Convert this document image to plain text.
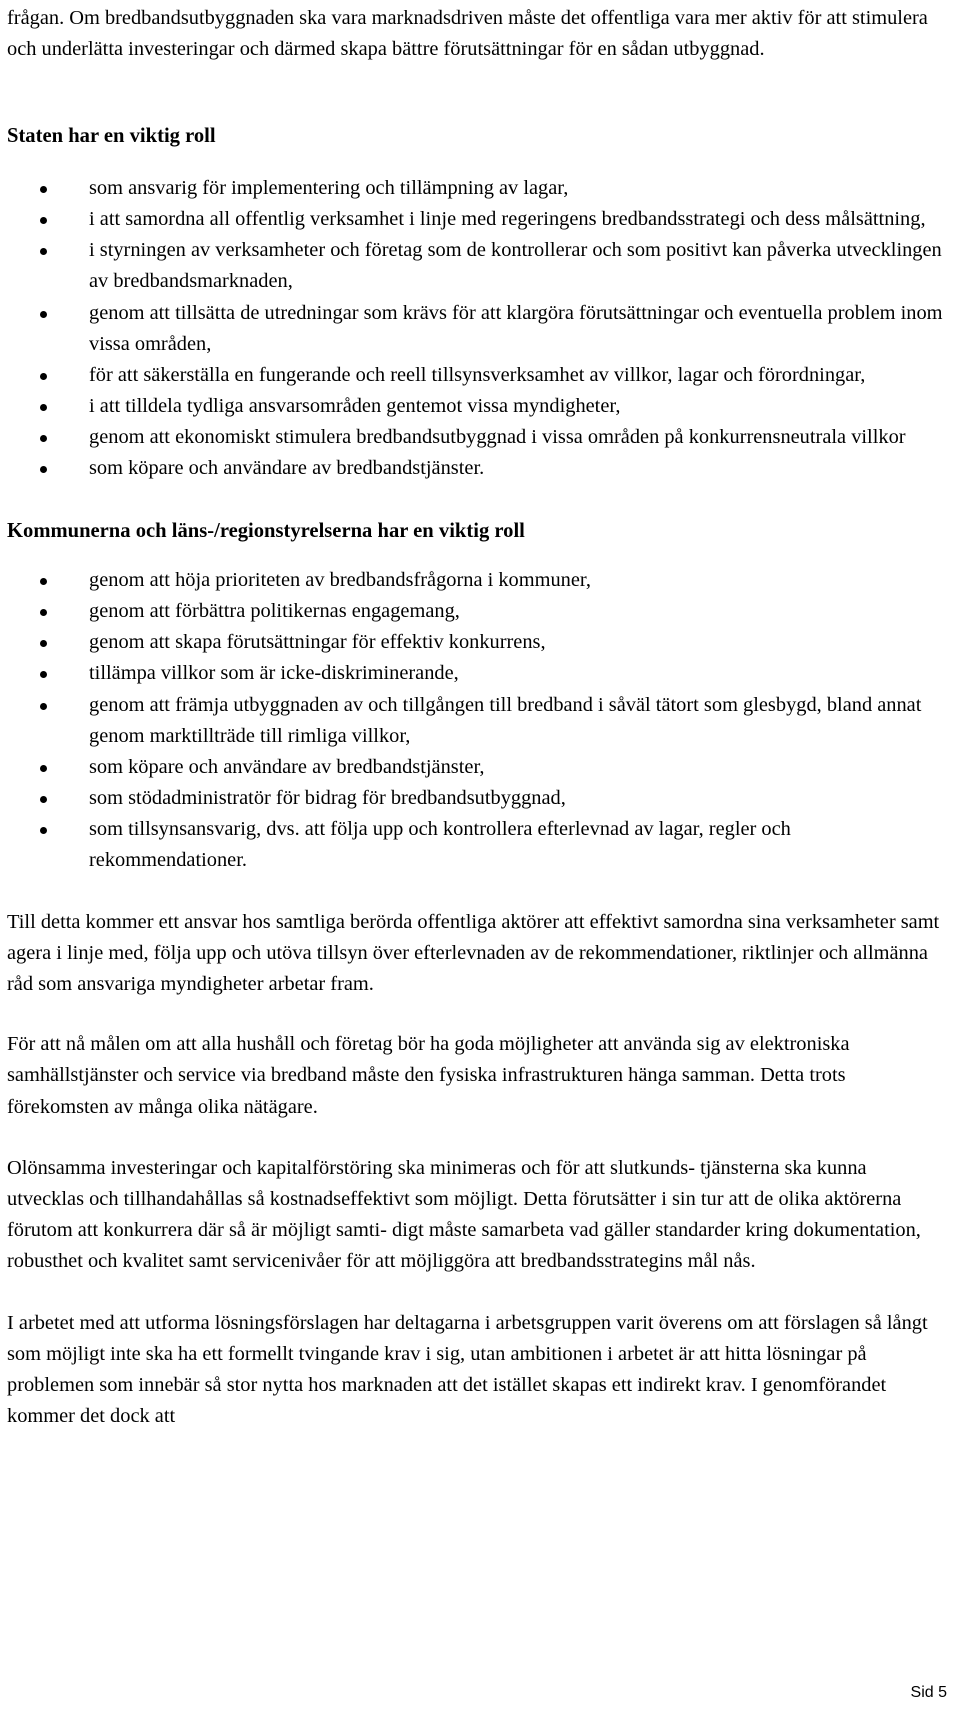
frågan. Om bredbandsutbyggnaden ska vara marknadsdriven måste det offentliga vara mer aktiv för att stimulera och underlätta investeringar och därmed skapa bättre förutsättningar för en sådan utbyggnad.

Staten har en viktig roll
som ansvarig för implementering och tillämpning av lagar,
i att samordna all offentlig verksamhet i linje med regeringens bredbandsstrategi och dess målsättning,
i styrningen av verksamheter och företag som de kontrollerar och som positivt kan påverka utvecklingen av bredbandsmarknaden,
genom att tillsätta de utredningar som krävs för att klargöra förutsättningar och eventuella problem inom vissa områden,
för att säkerställa en fungerande och reell tillsynsverksamhet av villkor, lagar och förordningar,
i att tilldela tydliga ansvarsområden gentemot vissa myndigheter,
genom att ekonomiskt stimulera bredbandsutbyggnad i vissa områden på konkurrensneutrala villkor
som köpare och användare av bredbandstjänster.
Kommunerna och läns-/regionstyrelserna har en viktig roll
genom att höja prioriteten av bredbandsfrågorna i kommuner,
genom att förbättra politikernas engagemang,
genom att skapa förutsättningar för effektiv konkurrens,
tillämpa villkor som är icke-diskriminerande,
genom att främja utbyggnaden av och tillgången till bredband i såväl tätort som glesbygd, bland annat genom marktillträde till rimliga villkor,
som köpare och användare av bredbandstjänster,
som stödadministratör för bidrag för bredbandsutbyggnad,
som tillsynsansvarig, dvs. att följa upp och kontrollera efterlevnad av lagar, regler och rekommendationer.

Till detta kommer ett ansvar hos samtliga berörda offentliga aktörer att effektivt samordna sina verksamheter samt agera i linje med, följa upp och utöva tillsyn över efterlevnaden av de rekommendationer, riktlinjer och allmänna råd som ansvariga myndigheter arbetar fram.

För att nå målen om att alla hushåll och företag bör ha goda möjligheter att använda sig av elektroniska samhällstjänster och service via bredband måste den fysiska infrastrukturen hänga samman. Detta trots förekomsten av många olika nätägare.

Olönsamma investeringar och kapitalförstöring ska minimeras och för att slutkunds- tjänsterna ska kunna utvecklas och tillhandahållas så kostnadseffektivt som möjligt. Detta förutsätter i sin tur att de olika aktörerna förutom att konkurrera där så är möjligt samti- digt måste samarbeta vad gäller standarder kring dokumentation, robusthet och kvalitet samt servicenivåer för att möjliggöra att bredbandsstrategins mål nås.

I arbetet med att utforma lösningsförslagen har deltagarna i arbetsgruppen varit överens om att förslagen så långt som möjligt inte ska ha ett formellt tvingande krav i sig, utan ambitionen i arbetet är att hitta lösningar på problemen som innebär så stor nytta hos marknaden att det istället skapas ett indirekt krav. I genomförandet kommer det dock att

Sid 5
